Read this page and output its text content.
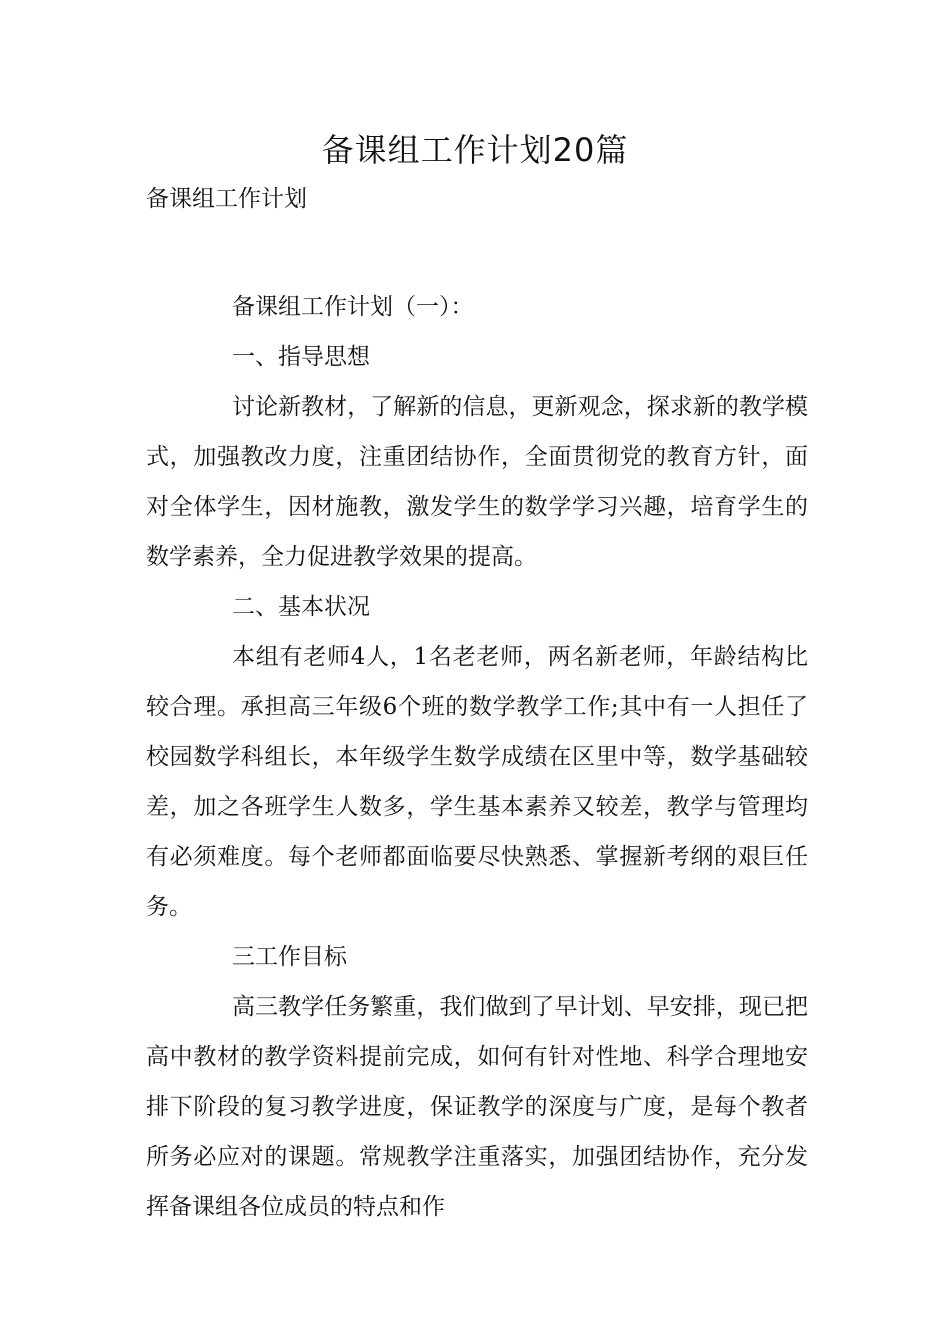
备课组工作计划20篇

备课组工作计划

备课组工作计划（一）：

一、指导思想

讨论新教材，了解新的信息，更新观念，探求新的教学模式，加强教改力度，注重团结协作，全面贯彻党的教育方针，面对全体学生，因材施教，激发学生的数学学习兴趣，培育学生的数学素养，全力促进教学效果的提高。

二、基本状况

本组有老师4人，1名老老师，两名新老师，年龄结构比较合理。承担高三年级6个班的数学教学工作;其中有一人担任了校园数学科组长，本年级学生数学成绩在区里中等，数学基础较差，加之各班学生人数多，学生基本素养又较差，教学与管理均有必须难度。每个老师都面临要尽快熟悉、掌握新考纲的艰巨任务。

三工作目标

高三教学任务繁重，我们做到了早计划、早安排，现已把高中教材的教学资料提前完成，如何有针对性地、科学合理地安排下阶段的复习教学进度，保证教学的深度与广度，是每个教者所务必应对的课题。常规教学注重落实，加强团结协作，充分发挥备课组各位成员的特点和作
